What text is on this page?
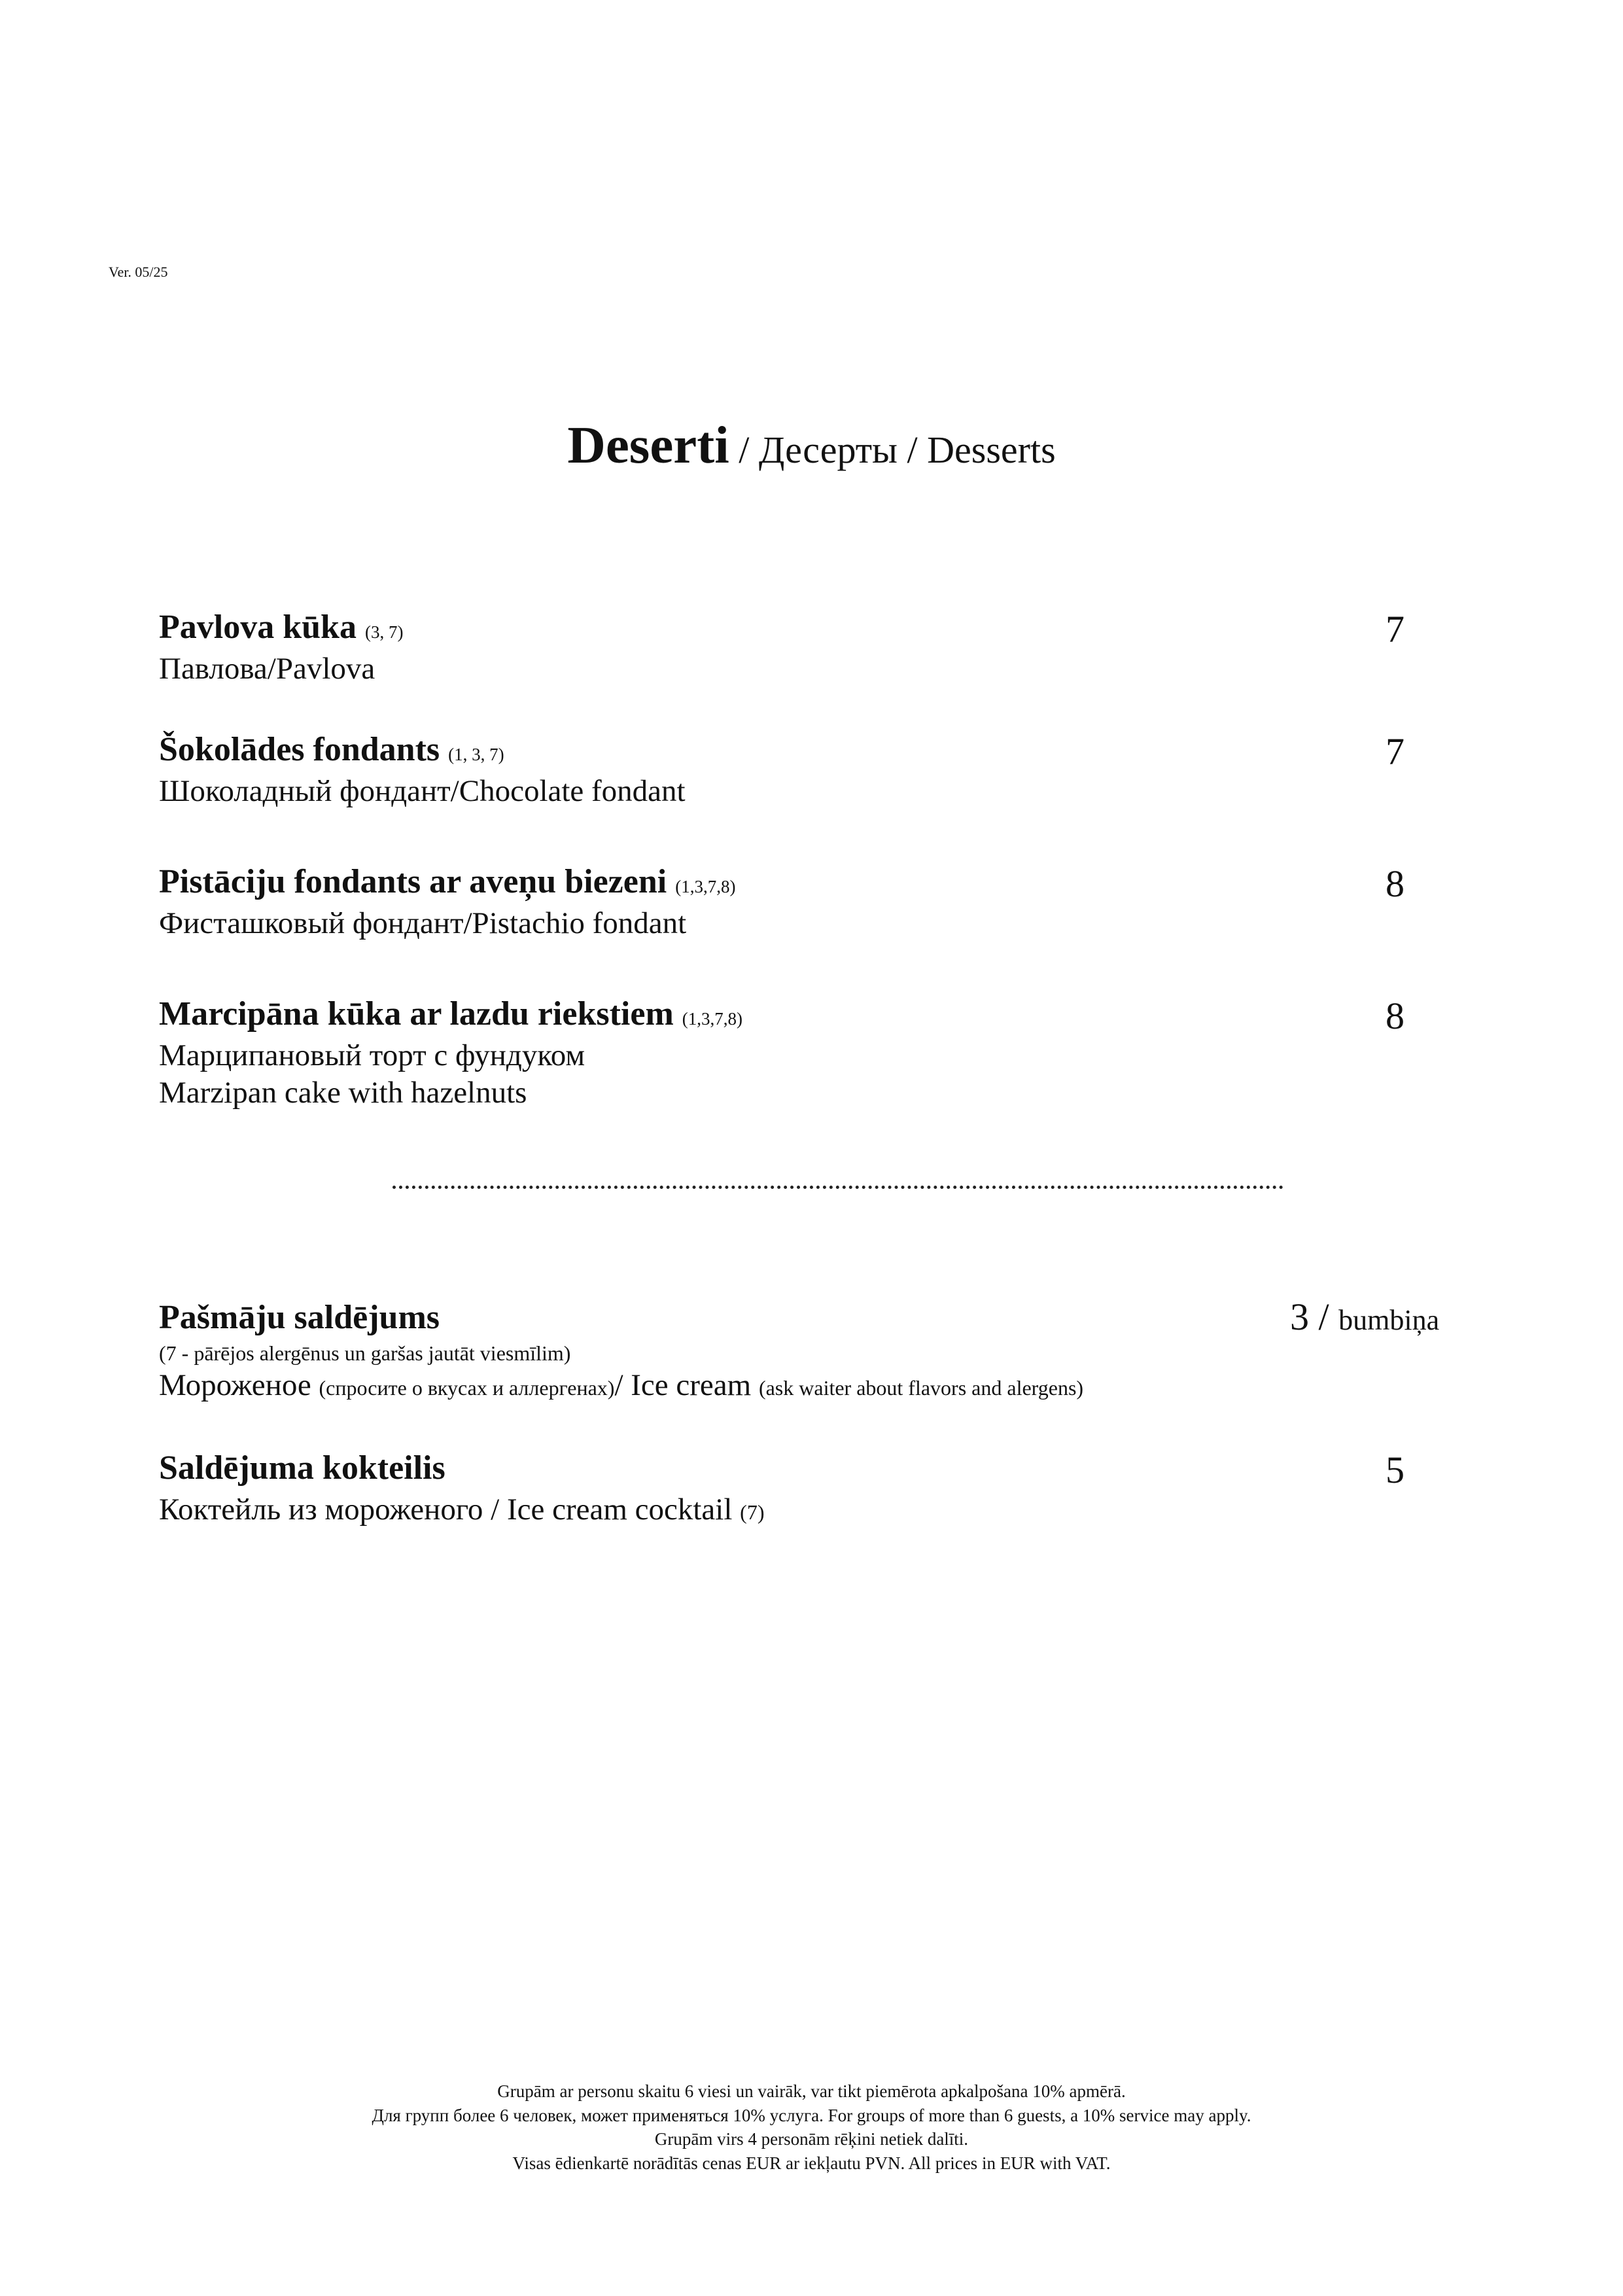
Ver. 05/25
Deserti / Десерты / Desserts
Pavlova kūka (3, 7)
Павлова/Pavlova
7
Šokolādes fondants (1, 3, 7)
Шоколадный фондант/Chocolate fondant
7
Pistāciju fondants ar aveņu biezeni (1,3,7,8)
Фисташковый фондант/Pistachio fondant
8
Marcipāna kūka ar lazdu riekstiem (1,3,7,8)
Марципановый торт с фундуком
Marzipan cake with hazelnuts
8
Pašmāju saldējums
(7 - pārējos alergēnus un garšas jautāt viesmīlim)
Мороженое (спросите о вкусах и аллергенах)/ Ice cream (ask waiter about flavors and alergens)
3 / bumbiņa
Saldējuma kokteilis
Коктейль из мороженого / Ice cream cocktail (7)
5
Grupām ar personu skaitu 6 viesi un vairāk, var tikt piemērota apkalpošana 10% apmērā.
Для групп более 6 человек, может применяться 10% услуга. For groups of more than 6 guests, a 10% service may apply.
Grupām virs 4 personām rēķini netiek dalīti.
Visas ēdienkartē norādītās cenas EUR ar iekļautu PVN. All prices in EUR with VAT.
